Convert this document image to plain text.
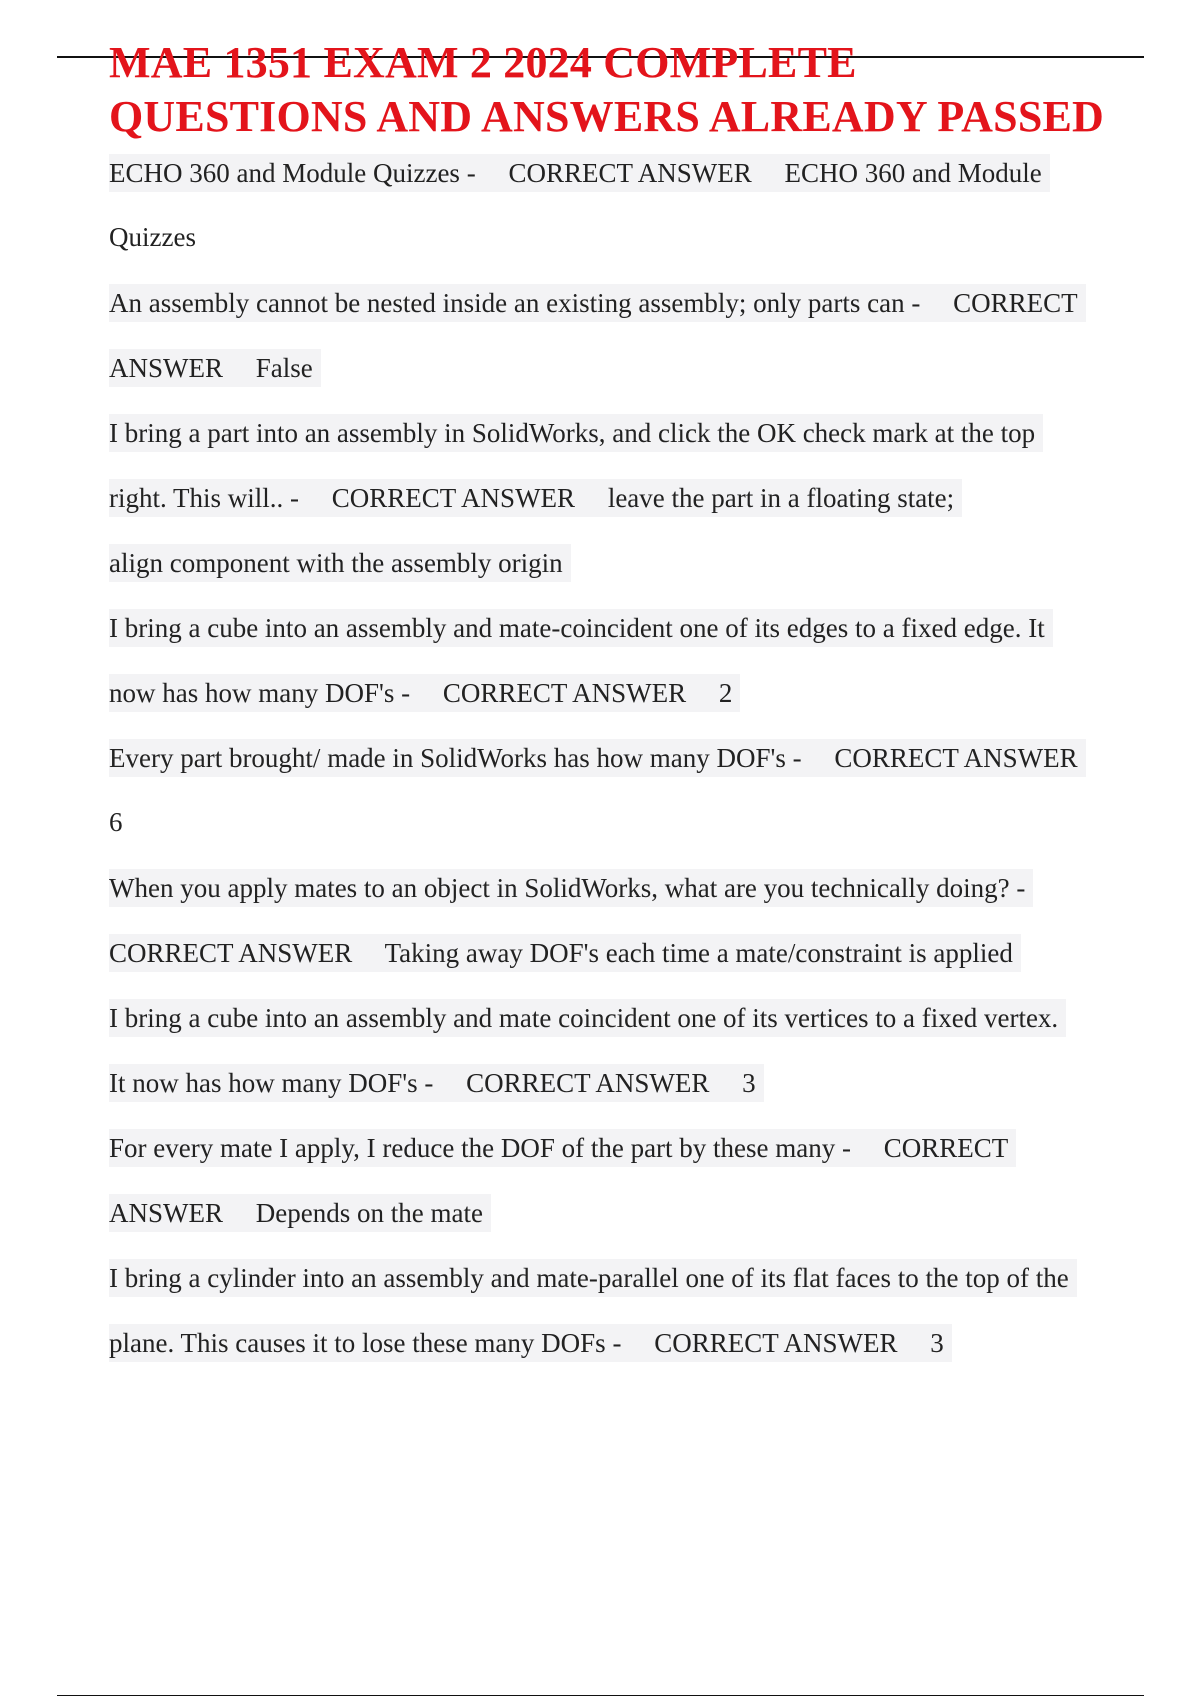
MAE 1351 EXAM 2 2024 COMPLETE
QUESTIONS AND ANSWERS ALREADY PASSED
ECHO 360 and Module Quizzes - CORRECT ANSWER ECHO 360 and Module
Quizzes
An assembly cannot be nested inside an existing assembly; only parts can - CORRECT
ANSWER False
I bring a part into an assembly in SolidWorks, and click the OK check mark at the top
right. This will.. - CORRECT ANSWER leave the part in a floating state;
align component with the assembly origin
I bring a cube into an assembly and mate-coincident one of its edges to a fixed edge. It
now has how many DOF's - CORRECT ANSWER 2
Every part brought/ made in SolidWorks has how many DOF's - CORRECT ANSWER
6
When you apply mates to an object in SolidWorks, what are you technically doing? -
CORRECT ANSWER Taking away DOF's each time a mate/constraint is applied
I bring a cube into an assembly and mate coincident one of its vertices to a fixed vertex.
It now has how many DOF's - CORRECT ANSWER 3
For every mate I apply, I reduce the DOF of the part by these many - CORRECT
ANSWER Depends on the mate
I bring a cylinder into an assembly and mate-parallel one of its flat faces to the top of the
plane. This causes it to lose these many DOFs - CORRECT ANSWER 3
